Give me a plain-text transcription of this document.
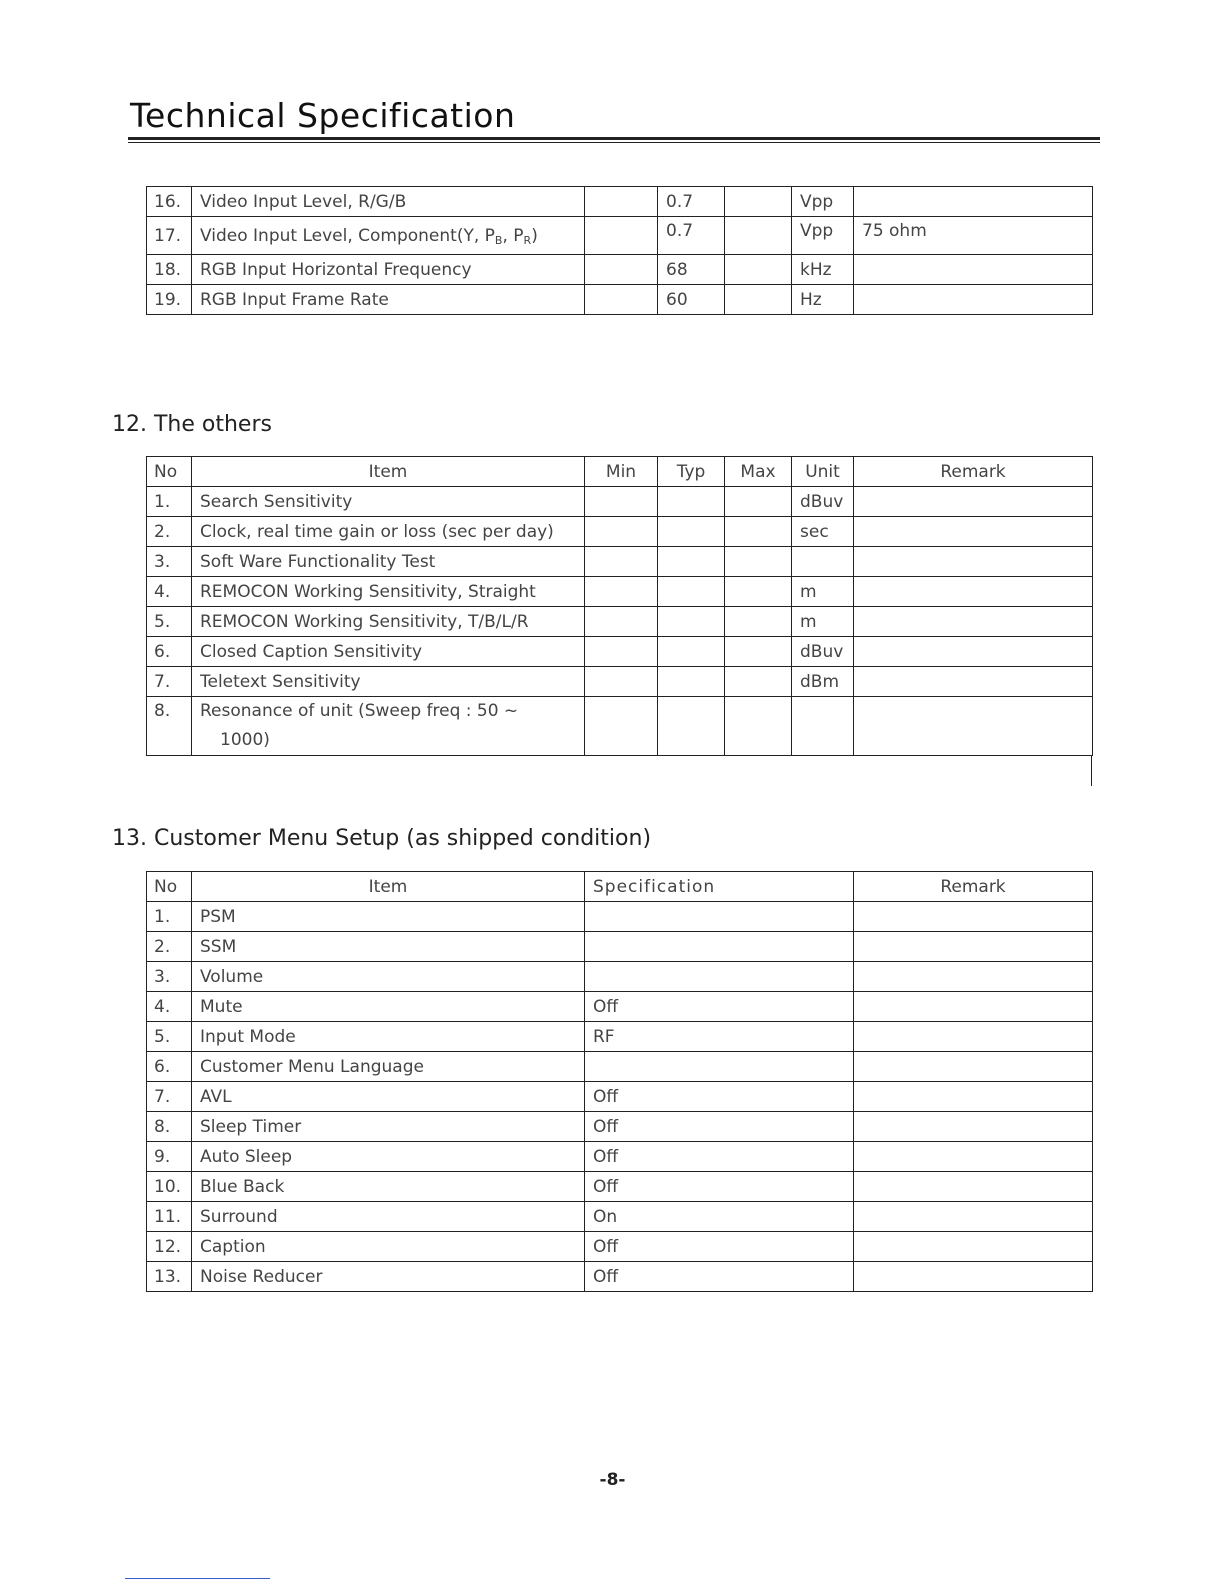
Technical Specification
16.	Video Input Level, R/G/B		0.7		Vpp	
17.	Video Input Level, Component(Y, PB, PR)		0.7		Vpp	75 ohm
18.	RGB Input Horizontal Frequency		68		kHz	
19.	RGB Input Frame Rate		60		Hz	
12. The others
No	Item	Min	Typ	Max	Unit	Remark
1.	Search Sensitivity				dBuv	
2.	Clock, real time gain or loss (sec per day)				sec	
3.	Soft Ware Functionality Test					
4.	REMOCON Working Sensitivity, Straight				m	
5.	REMOCON Working Sensitivity, T/B/L/R				m	
6.	Closed Caption Sensitivity				dBuv	
7.	Teletext Sensitivity				dBm	
8.	Resonance of unit (Sweep freq : 50 ~
1000)					

13. Customer Menu Setup (as shipped condition)
No	Item	Specification	Remark
1.	PSM		
2.	SSM		
3.	Volume		
4.	Mute	Off	
5.	Input Mode	RF	
6.	Customer Menu Language		
7.	AVL	Off	
8.	Sleep Timer	Off	
9.	Auto Sleep	Off	
10.	Blue Back	Off	
11.	Surround	On	
12.	Caption	Off	
13.	Noise Reducer	Off	
-8-
